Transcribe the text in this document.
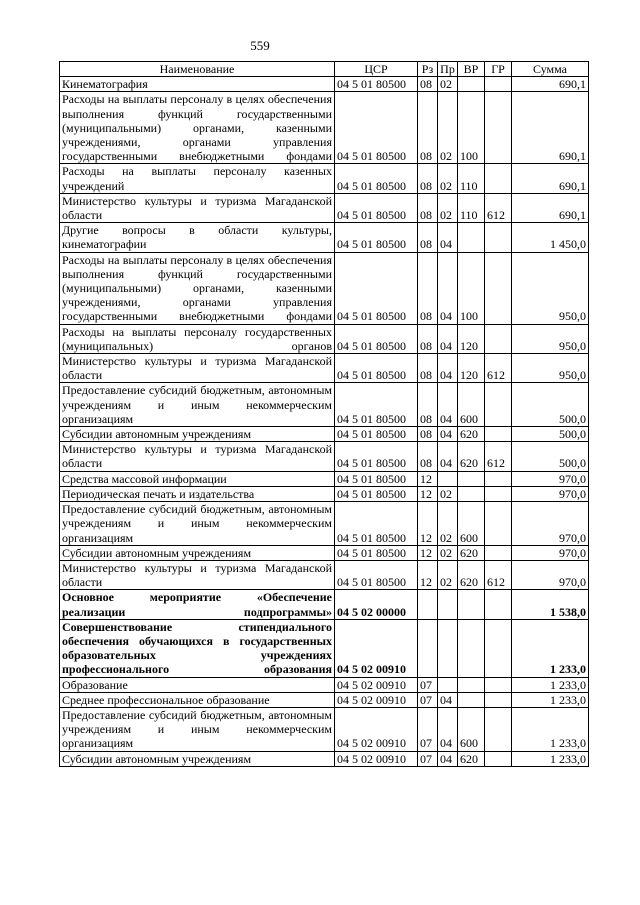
559
Наименование	ЦСР	Рз	Пр	ВР	ГР	Сумма
Кинематография	04 5 01 80500	08	02			690,1
Расходы на выплаты персоналу в целях обеспечения выполнения функций государственными (муниципальными) органами, казенными учреждениями, органами управления государственными внебюджетными фондами	04 5 01 80500	08	02	100		690,1
Расходы на выплаты персоналу казенных учреждений	04 5 01 80500	08	02	110		690,1
Министерство культуры и туризма Магаданской области	04 5 01 80500	08	02	110	612	690,1
Другие вопросы в области культуры, кинематографии	04 5 01 80500	08	04			1 450,0
Расходы на выплаты персоналу в целях обеспечения выполнения функций государственными (муниципальными) органами, казенными учреждениями, органами управления государственными внебюджетными фондами	04 5 01 80500	08	04	100		950,0
Расходы на выплаты персоналу государственных (муниципальных) органов	04 5 01 80500	08	04	120		950,0
Министерство культуры и туризма Магаданской области	04 5 01 80500	08	04	120	612	950,0
Предоставление субсидий бюджетным, автономным учреждениям и иным некоммерческим организациям	04 5 01 80500	08	04	600		500,0
Субсидии автономным учреждениям	04 5 01 80500	08	04	620		500,0
Министерство культуры и туризма Магаданской области	04 5 01 80500	08	04	620	612	500,0
Средства массовой информации	04 5 01 80500	12				970,0
Периодическая печать и издательства	04 5 01 80500	12	02			970,0
Предоставление субсидий бюджетным, автономным учреждениям и иным некоммерческим организациям	04 5 01 80500	12	02	600		970,0
Субсидии автономным учреждениям	04 5 01 80500	12	02	620		970,0
Министерство культуры и туризма Магаданской области	04 5 01 80500	12	02	620	612	970,0
Основное мероприятие «Обеспечение реализации подпрограммы»	04 5 02 00000					1 538,0
Совершенствование стипендиального обеспечения обучающихся в государственных образовательных учреждениях профессионального образования	04 5 02 00910					1 233,0
Образование	04 5 02 00910	07				1 233,0
Среднее профессиональное образование	04 5 02 00910	07	04			1 233,0
Предоставление субсидий бюджетным, автономным учреждениям и иным некоммерческим организациям	04 5 02 00910	07	04	600		1 233,0
Субсидии автономным учреждениям	04 5 02 00910	07	04	620		1 233,0
